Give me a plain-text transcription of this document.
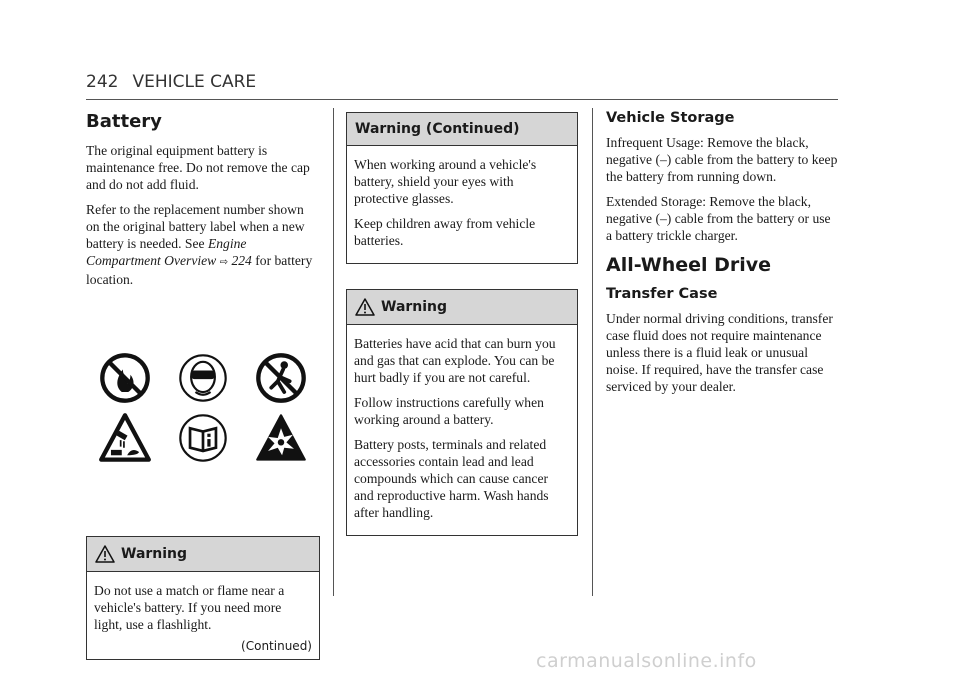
242 VEHICLE CARE
Battery

The original equipment battery is maintenance free. Do not remove the cap and do not add fluid.

Refer to the replacement number shown on the original battery label when a new battery is needed. See Engine Compartment Overview ⇨ 224 for battery location.

Warning

Do not use a match or flame near a vehicle's battery. If you need more light, use a flashlight.

(Continued)
Warning (Continued)

When working around a vehicle's battery, shield your eyes with protective glasses.

Keep children away from vehicle batteries.

Warning

Batteries have acid that can burn you and gas that can explode. You can be hurt badly if you are not careful.

Follow instructions carefully when working around a battery.

Battery posts, terminals and related accessories contain lead and lead compounds which can cause cancer and reproductive harm. Wash hands after handling.

Vehicle Storage

Infrequent Usage: Remove the black, negative (–) cable from the battery to keep the battery from running down.

Extended Storage: Remove the black, negative (–) cable from the battery or use a battery trickle charger.

All-Wheel Drive
Transfer Case

Under normal driving conditions, transfer case fluid does not require maintenance unless there is a fluid leak or unusual noise. If required, have the transfer case serviced by your dealer.

carmanualsonline.info
